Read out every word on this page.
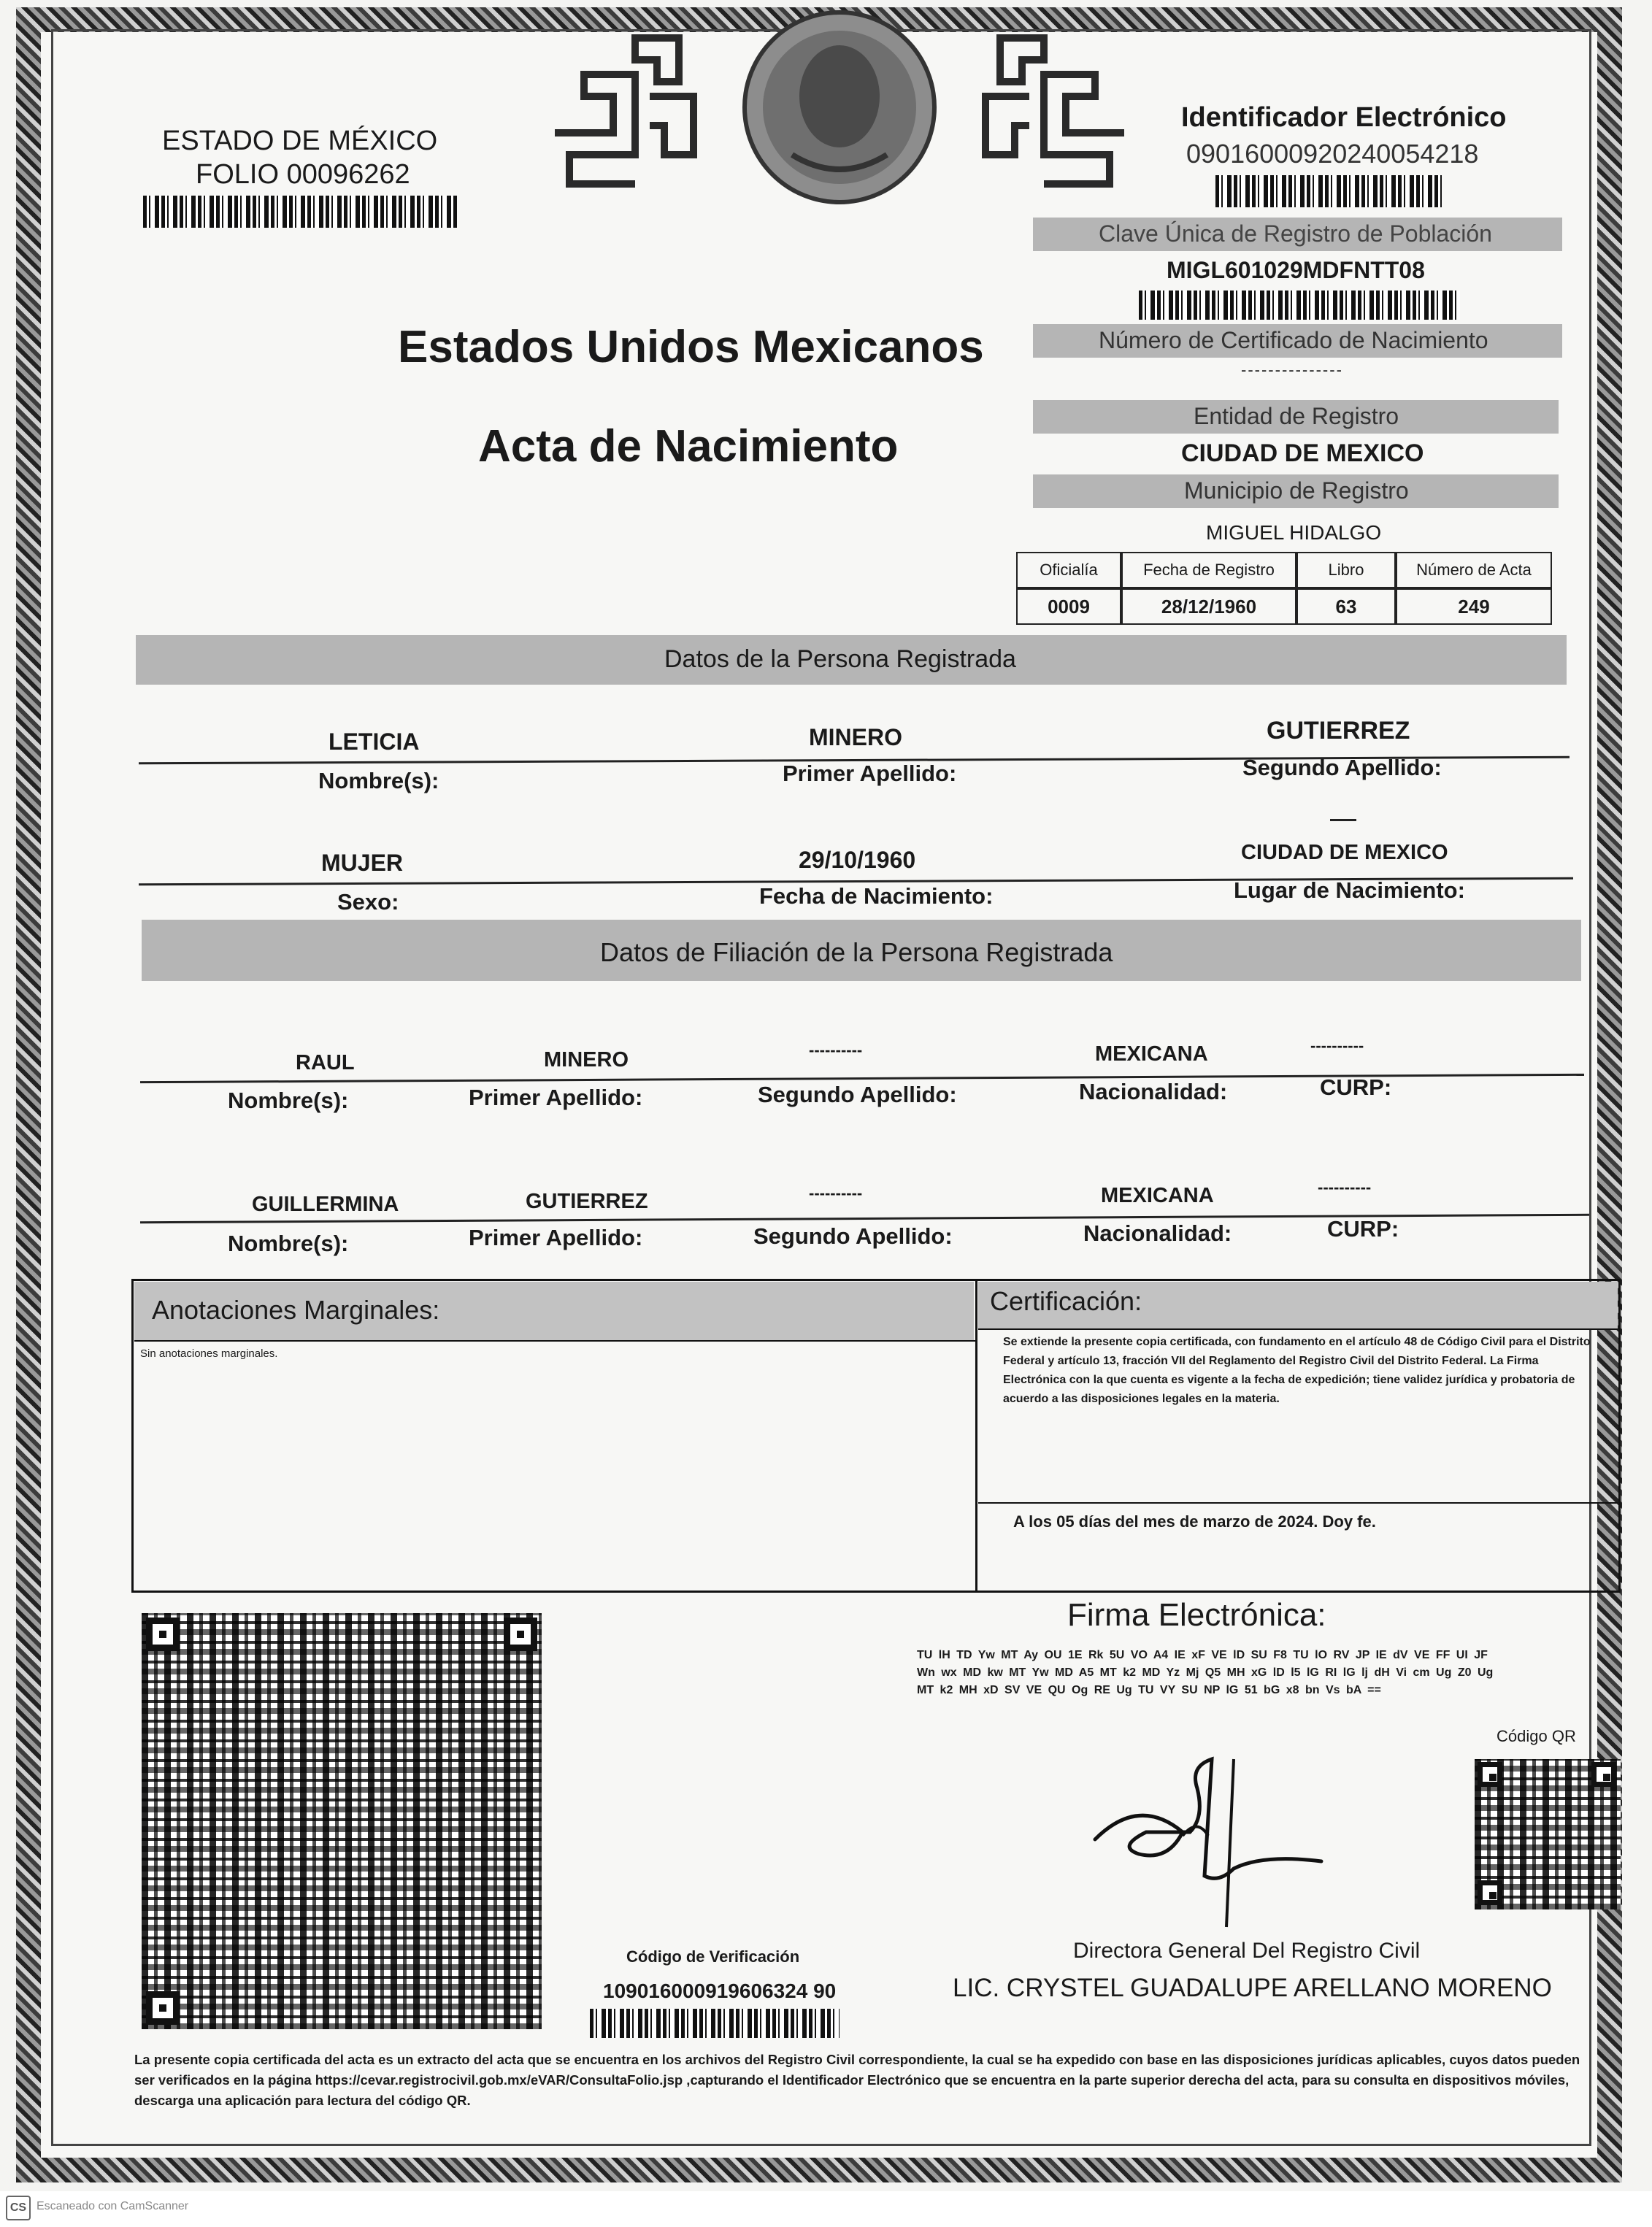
ESTADO DE MÉXICO
FOLIO 00096262
Estados Unidos Mexicanos
Acta de Nacimiento
Identificador Electrónico
09016000920240054218
Clave Única de Registro de Población
MIGL601029MDFNTT08
Número de Certificado de Nacimiento
---------------
Entidad de Registro
CIUDAD DE MEXICO
Municipio de Registro
MIGUEL HIDALGO
Oficialía	Fecha de Registro	Libro	Número de Acta
0009	28/12/1960	63	249
Datos de la Persona Registrada
LETICIA	MINERO	GUTIERREZ
Nombre(s):	Primer Apellido:	Segundo Apellido:
MUJER	29/10/1960	CIUDAD DE MEXICO
Sexo:	Fecha de Nacimiento:	Lugar de Nacimiento:
Datos de Filiación de la Persona Registrada
RAUL	MINERO	----------	MEXICANA	----------
Nombre(s):	Primer Apellido:	Segundo Apellido:	Nacionalidad:	CURP:
GUILLERMINA	GUTIERREZ	----------	MEXICANA	----------
Nombre(s):	Primer Apellido:	Segundo Apellido:	Nacionalidad:	CURP:
Anotaciones Marginales:
Sin anotaciones marginales.
Certificación:
Se extiende la presente copia certificada, con fundamento en el artículo 48 de Código Civil para el Distrito Federal y artículo 13, fracción VII del Reglamento del Registro Civil del Distrito Federal. La Firma Electrónica con la que cuenta es vigente a la fecha de expedición; tiene validez jurídica y probatoria de acuerdo a las disposiciones legales en la materia.
A los 05 días del mes de marzo de 2024. Doy fe.
Código de Verificación
109016000919606324 90
Firma Electrónica:
TU lH TD Yw MT Ay OU 1E Rk 5U VO A4 IE xF VE lD SU F8 TU lO RV JP IE dV VE FF UI JF Wn wx MD kw MT Yw MD A5 MT k2 MD Yz Mj Q5 MH xG lD l5 lG RI lG lj dH Vi cm Ug Z0 Ug MT k2 MH xD SV VE QU Og RE Ug TU VY SU NP lG 51 bG x8 bn Vs bA ==
Código QR
Directora General Del Registro Civil
LIC. CRYSTEL GUADALUPE ARELLANO MORENO
La presente copia certificada del acta es un extracto del acta que se encuentra en los archivos del Registro Civil correspondiente, la cual se ha expedido con base en las disposiciones jurídicas aplicables, cuyos datos pueden ser verificados en la página https://cevar.registrocivil.gob.mx/eVAR/ConsultaFolio.jsp ,capturando el Identificador Electrónico que se encuentra en la parte superior derecha del acta, para su consulta en dispositivos móviles, descarga una aplicación para lectura del código QR.
CS Escaneado con CamScanner
